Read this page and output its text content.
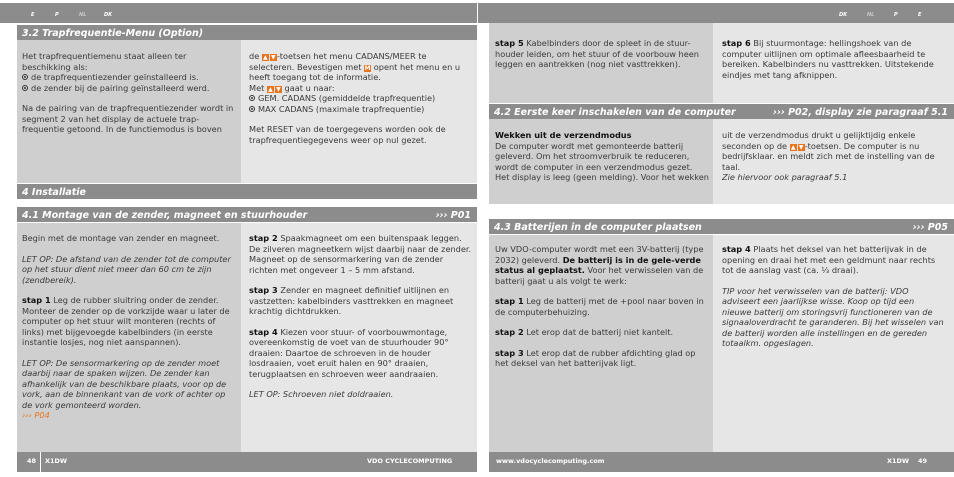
E	P	NL	DK	DK	NL	P	E
3.2 Trapfrequentie-Menu (Option)

Het trapfrequentiemenu staat alleen ter beschikking als:

de trapfrequentiezender geïnstalleerd is.
de zender bij de pairing geïnstalleerd werd.

Na de pairing van de trapfrequentiezender wordt in segment 2 van het display de actuele trap-frequentie getoond. In de functiemodus is boven

de ▲ ▼-toetsen het menu CADANS/MEER te selecteren. Bevestigen met M opent het menu en u heeft toegang tot de informatie.
Met ▲ ▼ gaat u naar:
GEM. CADANS (gemiddelde trapfrequentie)
MAX CADANS (maximale trapfrequentie)

Met RESET van de toergegevens worden ook de trapfrequentiegegevens weer op nul gezet.

4 Installatie
4.1 Montage van de zender, magneet en stuurhouder	››› P01

Begin met de montage van zender en magneet.

LET OP: De afstand van de zender tot de computer op het stuur dient niet meer dan 60 cm te zijn (zendbereik).

stap 1 Leg de rubber sluitring onder de zender. Monteer de zender op de vorkzijde waar u later de computer op het stuur wilt monteren (rechts of links) met bijgevoegde kabelbinders (in eerste instantie losjes, nog niet aanspannen).

LET OP: De sensormarkering op de zender moet daarbij naar de spaken wijzen. De zender kan afhankelijk van de beschikbare plaats, voor op de vork, aan de binnenkant van de vork of achter op de vork gemonteerd worden.

››› P04

stap 2 Spaakmagneet om een buitenspaak leggen. De zilveren magneetkern wijst daarbij naar de zender. Magneet op de sensormarkering van de zender richten met ongeveer 1 – 5 mm afstand.

stap 3 Zender en magneet definitief uitlijnen en vastzetten: kabelbinders vasttrekken en magneet krachtig dichtdrukken.

stap 4 Kiezen voor stuur- of voorbouwmontage, overeenkomstig de voet van de stuurhouder 90° draaien: Daartoe de schroeven in de houder losdraaien, voet eruit halen en 90° draaien, terugplaatsen en schroeven weer aandraaien.

LET OP: Schroeven niet doldraaien.

stap 5 Kabelbinders door de spleet in de stuur-houder leiden, om het stuur of de voorbouw heen leggen en aantrekken (nog niet vasttrekken).

stap 6 Bij stuurmontage: hellingshoek van de computer uitlijnen om optimale afleesbaarheid te bereiken. Kabelbinders nu vasttrekken. Uitstekende eindjes met tang afknippen.

4.2 Eerste keer inschakelen van de computer	››› P02, display zie paragraaf 5.1
Wekken uit de verzendmodus

De computer wordt met gemonteerde batterij geleverd. Om het stroomverbruik te reduceren, wordt de computer in een verzendmodus gezet. Het display is leeg (geen melding). Voor het wekken

uit de verzendmodus drukt u gelijktijdig enkele seconden op de ▲ ▼-toetsen. De computer is nu bedrijfsklaar. en meldt zich met de instelling van de taal.
Zie hiervoor ook paragraaf 5.1
4.3 Batterijen in de computer plaatsen	››› P05

Uw VDO-computer wordt met een 3V-batterij (type 2032) geleverd. De batterij is in de gele-verde status al geplaatst. Voor het verwisselen van de batterij gaat u als volgt te werk:

stap 1 Leg de batterij met de +pool naar boven in de computerbehuizing.

stap 2 Let erop dat de batterij niet kantelt.

stap 3 Let erop dat de rubber afdichting glad op het deksel van het batterijvak ligt.

stap 4 Plaats het deksel van het batterijvak in de opening en draai het met een geldmunt naar rechts tot de aanslag vast (ca. ⅓ draai).

TIP voor het verwisselen van de batterij: VDO adviseert een jaarlijkse wisse. Koop op tijd een nieuwe batterij om storingsvrij functioneren van de signaaloverdracht te garanderen. Bij het wisselen van de batterij worden alle instellingen en de gereden totaalkm. opgeslagen.

48 X1DW	VDO CYCLECOMPUTING	www.vdocyclecomputing.com	X1DW 49
